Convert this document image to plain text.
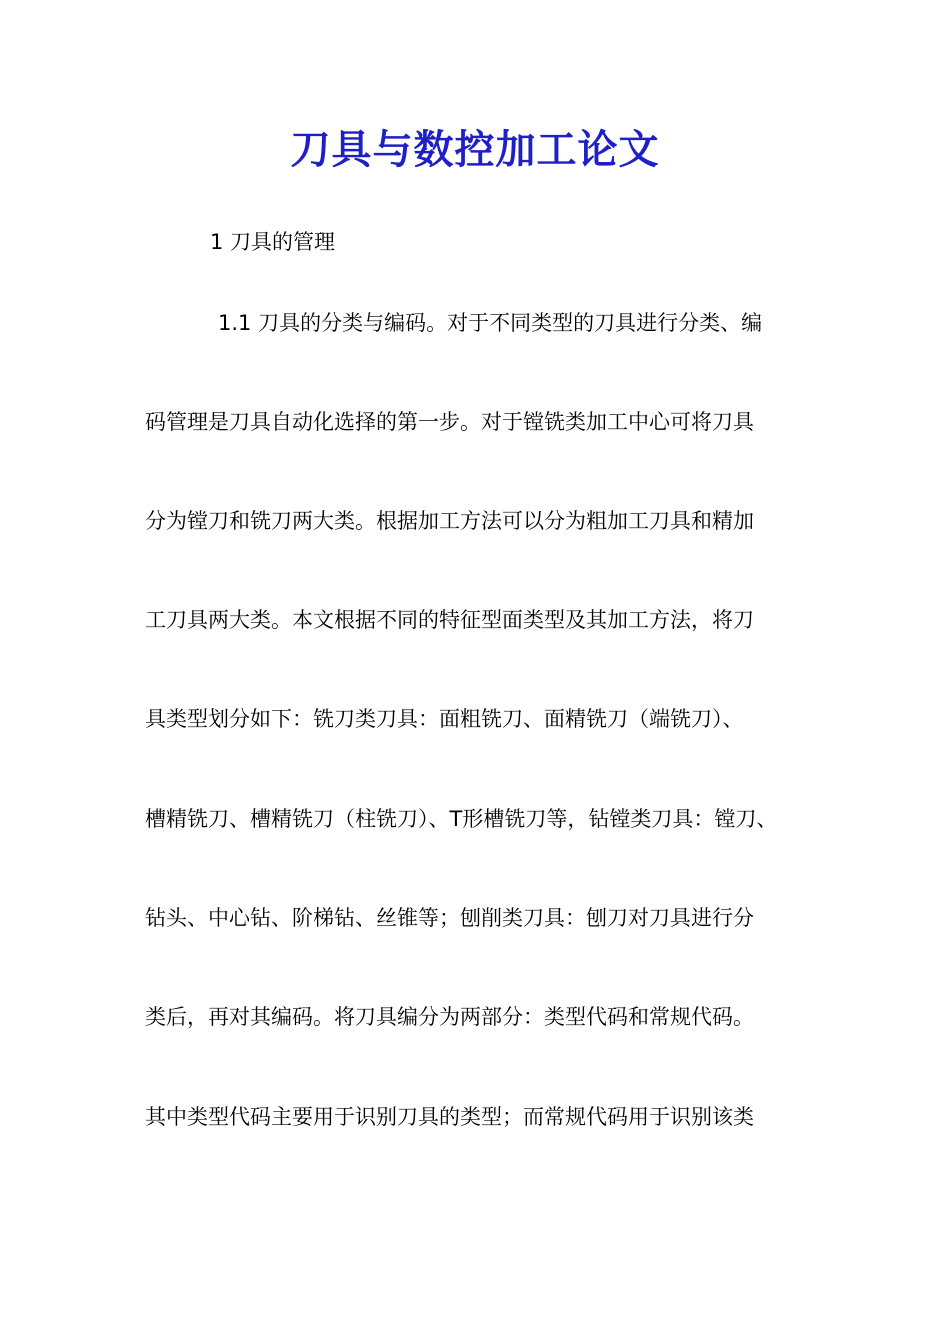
刀具与数控加工论文
1 刀具的管理
1.1 刀具的分类与编码。对于不同类型的刀具进行分类、编
码管理是刀具自动化选择的第一步。对于镗铣类加工中心可将刀具
分为镗刀和铣刀两大类。根据加工方法可以分为粗加工刀具和精加
工刀具两大类。本文根据不同的特征型面类型及其加工方法，将刀
具类型划分如下：铣刀类刀具：面粗铣刀、面精铣刀（端铣刀）、
槽精铣刀、槽精铣刀（柱铣刀）、T形槽铣刀等，钻镗类刀具：镗刀、
钻头、中心钻、阶梯钻、丝锥等；刨削类刀具：刨刀对刀具进行分
类后，再对其编码。将刀具编分为两部分：类型代码和常规代码。
其中类型代码主要用于识别刀具的类型；而常规代码用于识别该类
